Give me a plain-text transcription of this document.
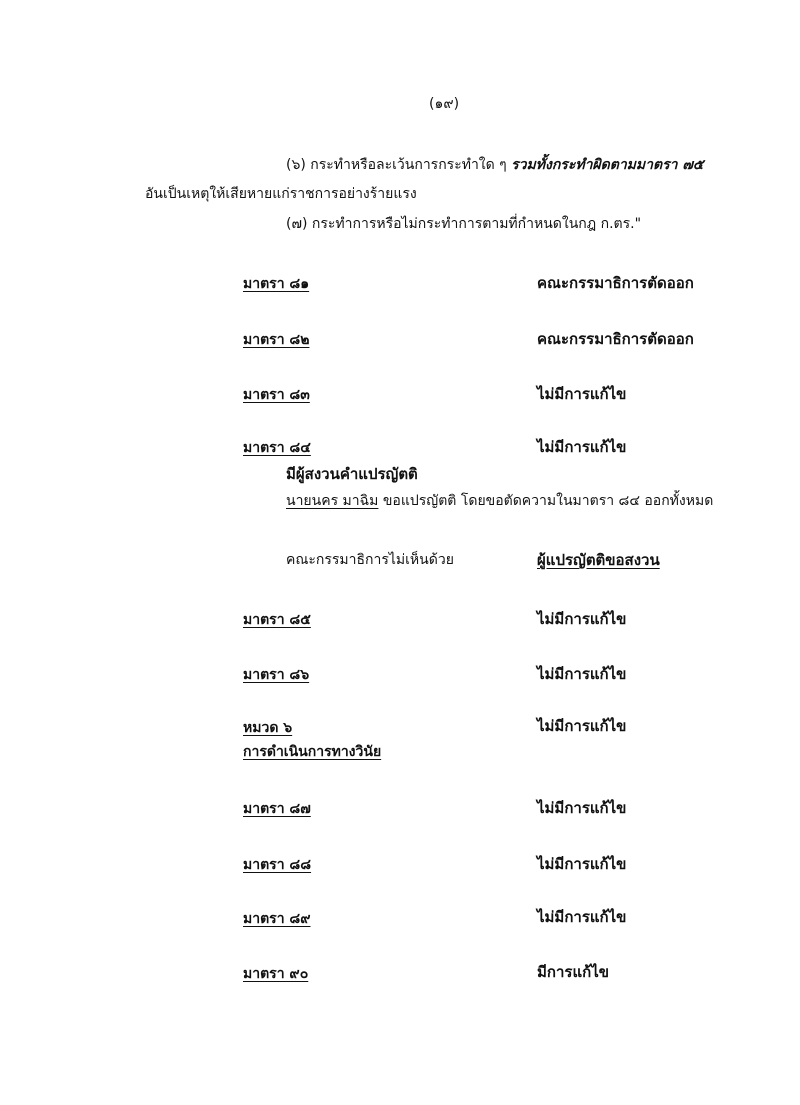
(๑๙)
(๖) กระทำหรือละเว้นการกระทำใด ๆ รวมทั้งกระทำผิดตามมาตรา ๗๕
อันเป็นเหตุให้เสียหายแก่ราชการอย่างร้ายแรง
(๗) กระทำการหรือไม่กระทำการตามที่กำหนดในกฎ ก.ตร."
มาตรา ๘๑	คณะกรรมาธิการตัดออก
มาตรา ๘๒	คณะกรรมาธิการตัดออก
มาตรา ๘๓	ไม่มีการแก้ไข
มาตรา ๘๔	ไม่มีการแก้ไข
มีผู้สงวนคำแปรญัตติ
นายนคร มาฉิม ขอแปรญัตติ โดยขอตัดความในมาตรา ๘๔ ออกทั้งหมด
คณะกรรมาธิการไม่เห็นด้วย	ผู้แปรญัตติขอสงวน
มาตรา ๘๕	ไม่มีการแก้ไข
มาตรา ๘๖	ไม่มีการแก้ไข
หมวด ๖	ไม่มีการแก้ไข
การดำเนินการทางวินัย
มาตรา ๘๗	ไม่มีการแก้ไข
มาตรา ๘๘	ไม่มีการแก้ไข
มาตรา ๘๙	ไม่มีการแก้ไข
มาตรา ๙๐	มีการแก้ไข
